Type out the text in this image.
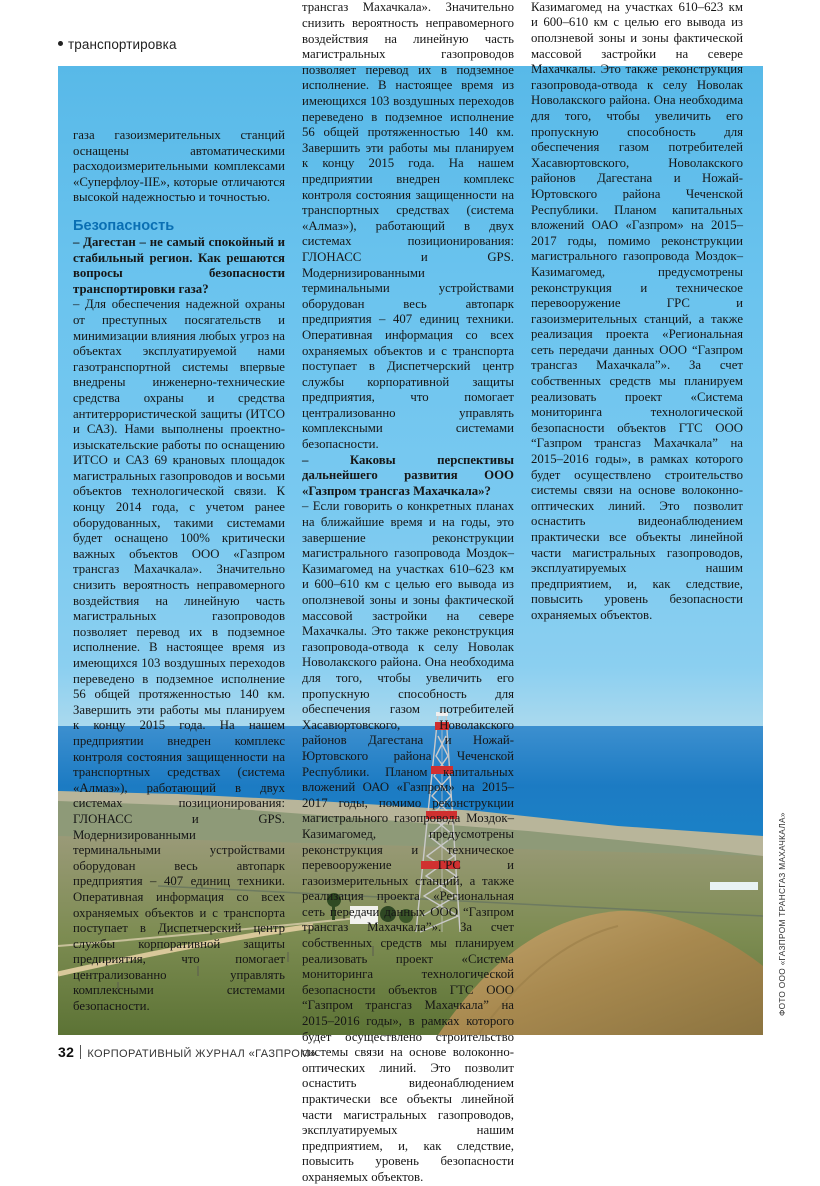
транспортировка

газа газоизмерительных станций оснащены автоматическими расходоизмерительными комплексами «Суперфлоу-IIЕ», которые отличаются высокой надежностью и точностью.

Безопасность

– Дагестан – не самый спокойный и стабильный регион. Как решаются вопросы безопасности транспортировки газа?

– Для обеспечения надежной охраны от преступных посягательств и минимизации влияния любых угроз на объектах эксплуатируемой нами газотранспортной системы впервые внедрены инженерно-технические средства охраны и средства антитеррористической защиты (ИТСО и САЗ). Нами выполнены проектно-изыскательские работы по оснащению ИТСО и САЗ 69 крановых площадок магистральных газопроводов и восьми объектов технологической связи. К концу 2014 года, с учетом ранее оборудованных, такими системами будет оснащено 100% критически важных объектов ООО «Газпром трансгаз Махачкала». Значительно снизить вероятность неправомерного воздействия на линейную часть магистральных газопроводов позволяет перевод их в подземное исполнение. В настоящее время из имеющихся 103 воздушных переходов переведено в подземное исполнение 56 общей протяженностью 140 км. Завершить эти работы мы планируем к концу 2015 года. На нашем предприятии внедрен комплекс контроля состояния защищенности на транспортных средствах (система «Алмаз»), работающий в двух системах позиционирования: ГЛОНАСС и GPS. Модернизированными терминальными устройствами оборудован весь автопарк предприятия – 407 единиц техники. Оперативная информация со всех охраняемых объектов и с транспорта поступает в Диспетчерский центр службы корпоративной защиты предприятия, что помогает централизованно управлять комплексными системами безопасности.

трансгаз Махачкала». Значительно снизить вероятность неправомерного воздействия на линейную часть магистральных газопроводов позволяет перевод их в подземное исполнение. В настоящее время из имеющихся 103 воздушных переходов переведено в подземное исполнение 56 общей протяженностью 140 км. Завершить эти работы мы планируем к концу 2015 года. На нашем предприятии внедрен комплекс контроля состояния защищенности на транспортных средствах (система «Алмаз»), работающий в двух системах позиционирования: ГЛОНАСС и GPS. Модернизированными терминальными устройствами оборудован весь автопарк предприятия – 407 единиц техники. Оперативная информация со всех охраняемых объектов и с транспорта поступает в Диспетчерский центр службы корпоративной защиты предприятия, что помогает централизованно управлять комплексными системами безопасности.

– Каковы перспективы дальнейшего развития ООО «Газпром трансгаз Махачкала»?

– Если говорить о конкретных планах на ближайшие время и на годы, это завершение реконструкции магистрального газопровода Моздок–Казимагомед на участках 610–623 км и 600–610 км с целью его вывода из оползневой зоны и зоны фактической массовой застройки на севере Махачкалы. Это также реконструкция газопровода-отвода к селу Новолак Новолакского района. Она необходима для того, чтобы увеличить его пропускную способность для обеспечения газом потребителей Хасавюртовского, Новолакского районов Дагестана и Ножай-Юртовского района Чеченской Республики. Планом капитальных вложений ОАО «Газпром» на 2015–2017 годы, помимо реконструкции магистрального газопровода Моздок–Казимагомед, предусмотрены реконструкция и техническое перевооружение ГРС и газоизмерительных станций, а также реализация проекта «Региональная сеть передачи данных ООО “Газпром трансгаз Махачкала”». За счет собственных средств мы планируем реализовать проект «Система мониторинга технологической безопасности объектов ГТС ООО “Газпром трансгаз Махачкала” на 2015–2016 годы», в рамках которого будет осуществлено строительство системы связи на основе волоконно-оптических линий. Это позволит оснастить видеонаблюдением практически все объекты линейной части магистральных газопроводов, эксплуатируемых нашим предприятием, и, как следствие, повысить уровень безопасности охраняемых объектов.

Казимагомед на участках 610–623 км и 600–610 км с целью его вывода из оползневой зоны и зоны фактической массовой застройки на севере Махачкалы. Это также реконструкция газопровода-отвода к селу Новолак Новолакского района. Она необходима для того, чтобы увеличить его пропускную способность для обеспечения газом потребителей Хасавюртовского, Новолакского районов Дагестана и Ножай-Юртовского района Чеченской Республики. Планом капитальных вложений ОАО «Газпром» на 2015–2017 годы, помимо реконструкции магистрального газопровода Моздок–Казимагомед, предусмотрены реконструкция и техническое перевооружение ГРС и газоизмерительных станций, а также реализация проекта «Региональная сеть передачи данных ООО “Газпром трансгаз Махачкала”». За счет собственных средств мы планируем реализовать проект «Система мониторинга технологической безопасности объектов ГТС ООО “Газпром трансгаз Махачкала” на 2015–2016 годы», в рамках которого будет осуществлено строительство системы связи на основе волоконно-оптических линий. Это позволит оснастить видеонаблюдением практически все объекты линейной части магистральных газопроводов, эксплуатируемых нашим предприятием, и, как следствие, повысить уровень безопасности охраняемых объектов.

ФОТО ООО «ГАЗПРОМ ТРАНСГАЗ МАХАЧКАЛА»
32 КОРПОРАТИВНЫЙ ЖУРНАЛ «ГАЗПРОМ»
